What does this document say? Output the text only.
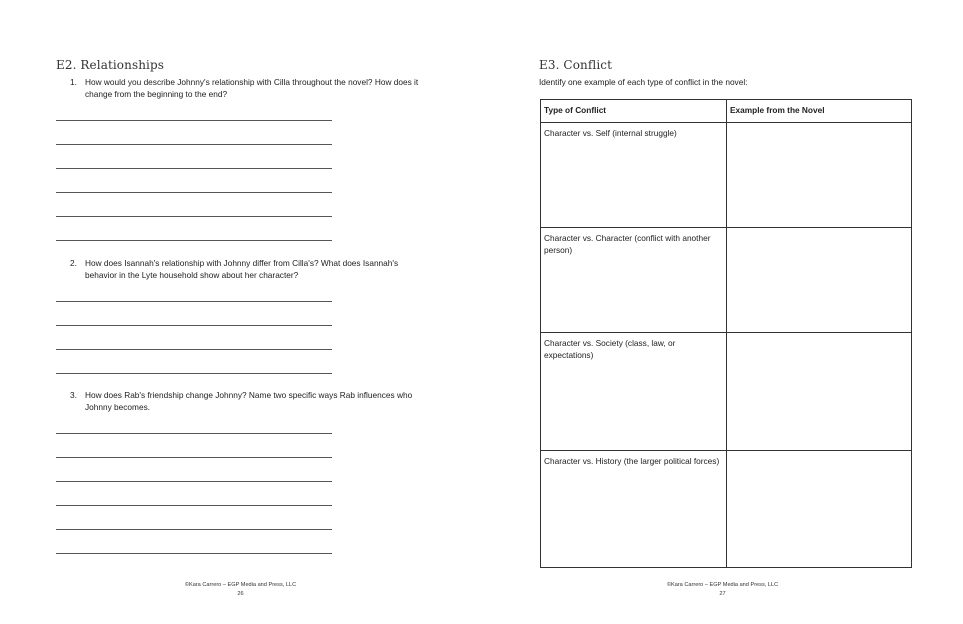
E2. Relationships
1. How would you describe Johnny's relationship with Cilla throughout the novel? How does it change from the beginning to the end?
2. How does Isannah's relationship with Johnny differ from Cilla's? What does Isannah's behavior in the Lyte household show about her character?
3. How does Rab's friendship change Johnny? Name two specific ways Rab influences who Johnny becomes.
©Kara Carrero – EGP Media and Press, LLC
26
E3. Conflict
Identify one example of each type of conflict in the novel:
Type of Conflict	Example from the Novel
Character vs. Self (internal struggle)	
Character vs. Character (conflict with another person)	
Character vs. Society (class, law, or expectations)	
Character vs. History (the larger political forces)	
©Kara Carrero – EGP Media and Press, LLC
27
